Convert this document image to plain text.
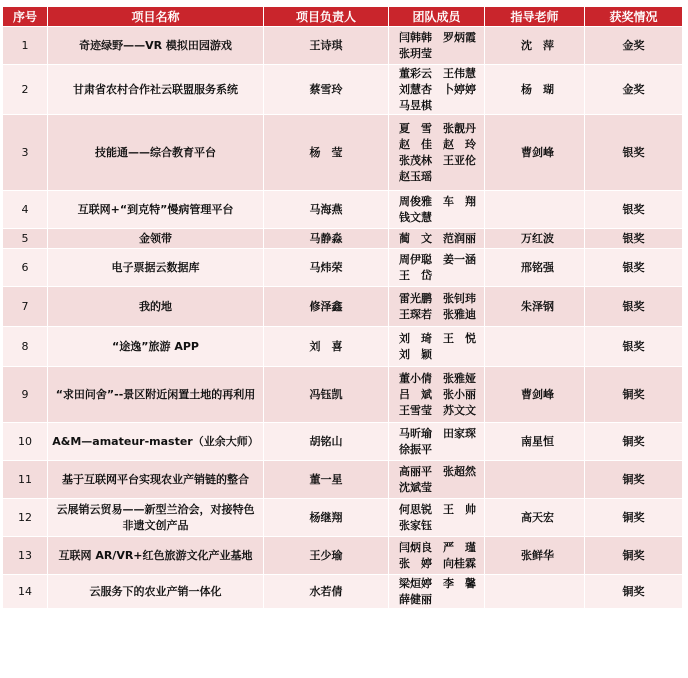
序号	项目名称	项目负责人	团队成员	指导老师	获奖情况
1	奇迹绿野——VR 模拟田园游戏	王诗琪	闫韩韩　罗炳霞
张玥莹	沈　萍	金奖
2	甘肃省农村合作社云联盟服务系统	蔡雪玲	董彩云　王伟慧
刘慧杏　卜婷婷
马昱棋	杨　瑚	金奖
3	技能通——综合教育平台	杨　莹	夏　雪　张靓丹
赵　佳　赵　玲
张茂林　王亚伦
赵玉瑶	曹剑峰	银奖
4	互联网+“到克特”慢病管理平台	马海燕	周俊雅　车　翔
钱文慧		银奖
5	金领带	马静淼	蔺　文　范润丽	万红波	银奖
6	电子票据云数据库	马炜荣	周伊聪　姜一涵
王　岱	邢铭强	银奖
7	我的地	修泽鑫	雷光鹏　张钊玮
王琛若　张雅迪	朱泽钢	银奖
8	“途逸”旅游 APP	刘　喜	刘　琦　王　悦
刘　颖		银奖
9	“求田问舍”--景区附近闲置土地的再利用	冯钰凯	董小倩　张雅娅
吕　斌　张小丽
王雪莹　苏文文	曹剑峰	铜奖
10	A&M—amateur-master（业余大师）	胡铭山	马昕瑜　田家琛
徐振平	南星恒	铜奖
11	基于互联网平台实现农业产销链的整合	董一星	高丽平　张超然
沈斌莹		铜奖
12	云展销云贸易——新型兰洽会，对接特色非遗文创产品	杨继翔	何思锐　王　帅
张家钰	高天宏	铜奖
13	互联网 AR/VR+红色旅游文化产业基地	王少瑜	闫炳良　严　瑾
张　婷　向桂霖	张鲜华	铜奖
14	云服务下的农业产销一体化	水若倩	梁烜婷　李　馨
薛健丽		铜奖
